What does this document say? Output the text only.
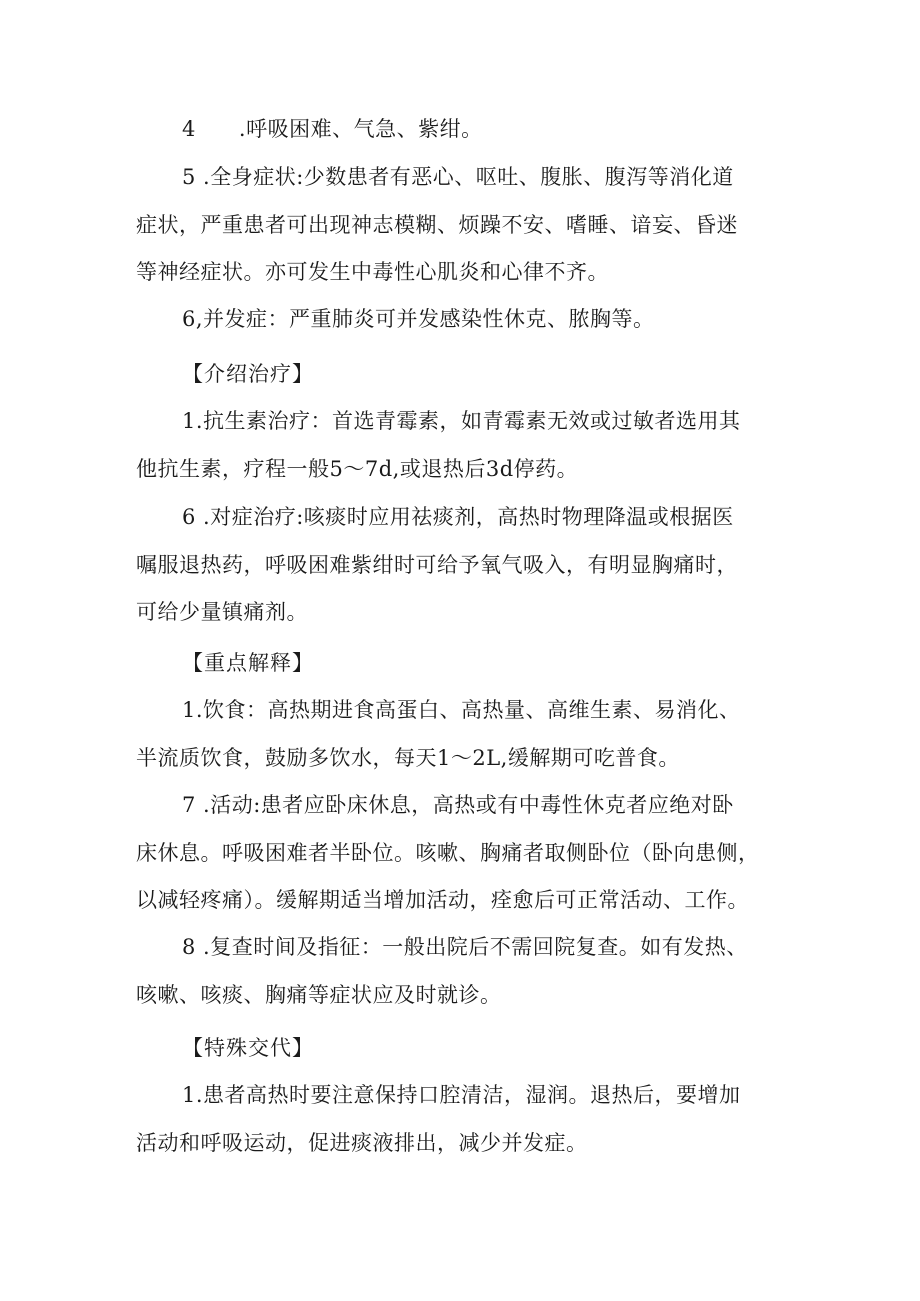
4      .呼吸困难、气急、紫绀。
5 .全身症状:少数患者有恶心、呕吐、腹胀、腹泻等消化道
症状，严重患者可出现神志模糊、烦躁不安、嗜睡、谙妄、昏迷
等神经症状。亦可发生中毒性心肌炎和心律不齐。
6,并发症：严重肺炎可并发感染性休克、脓胸等。
【介绍治疗】
1.抗生素治疗：首选青霉素，如青霉素无效或过敏者选用其
他抗生素，疗程一般5～7d,或退热后3d停药。
6 .对症治疗:咳痰时应用祛痰剂，高热时物理降温或根据医
嘱服退热药，呼吸困难紫绀时可给予氧气吸入，有明显胸痛时，
可给少量镇痛剂。
【重点解释】
1.饮食：高热期进食高蛋白、高热量、高维生素、易消化、
半流质饮食，鼓励多饮水，每天1～2L,缓解期可吃普食。
7 .活动:患者应卧床休息，高热或有中毒性休克者应绝对卧
床休息。呼吸困难者半卧位。咳嗽、胸痛者取侧卧位（卧向患侧，
以减轻疼痛）。缓解期适当增加活动，痊愈后可正常活动、工作。
8 .复查时间及指征：一般出院后不需回院复查。如有发热、
咳嗽、咳痰、胸痛等症状应及时就诊。
【特殊交代】
1.患者高热时要注意保持口腔清洁，湿润。退热后，要增加
活动和呼吸运动，促进痰液排出，减少并发症。
